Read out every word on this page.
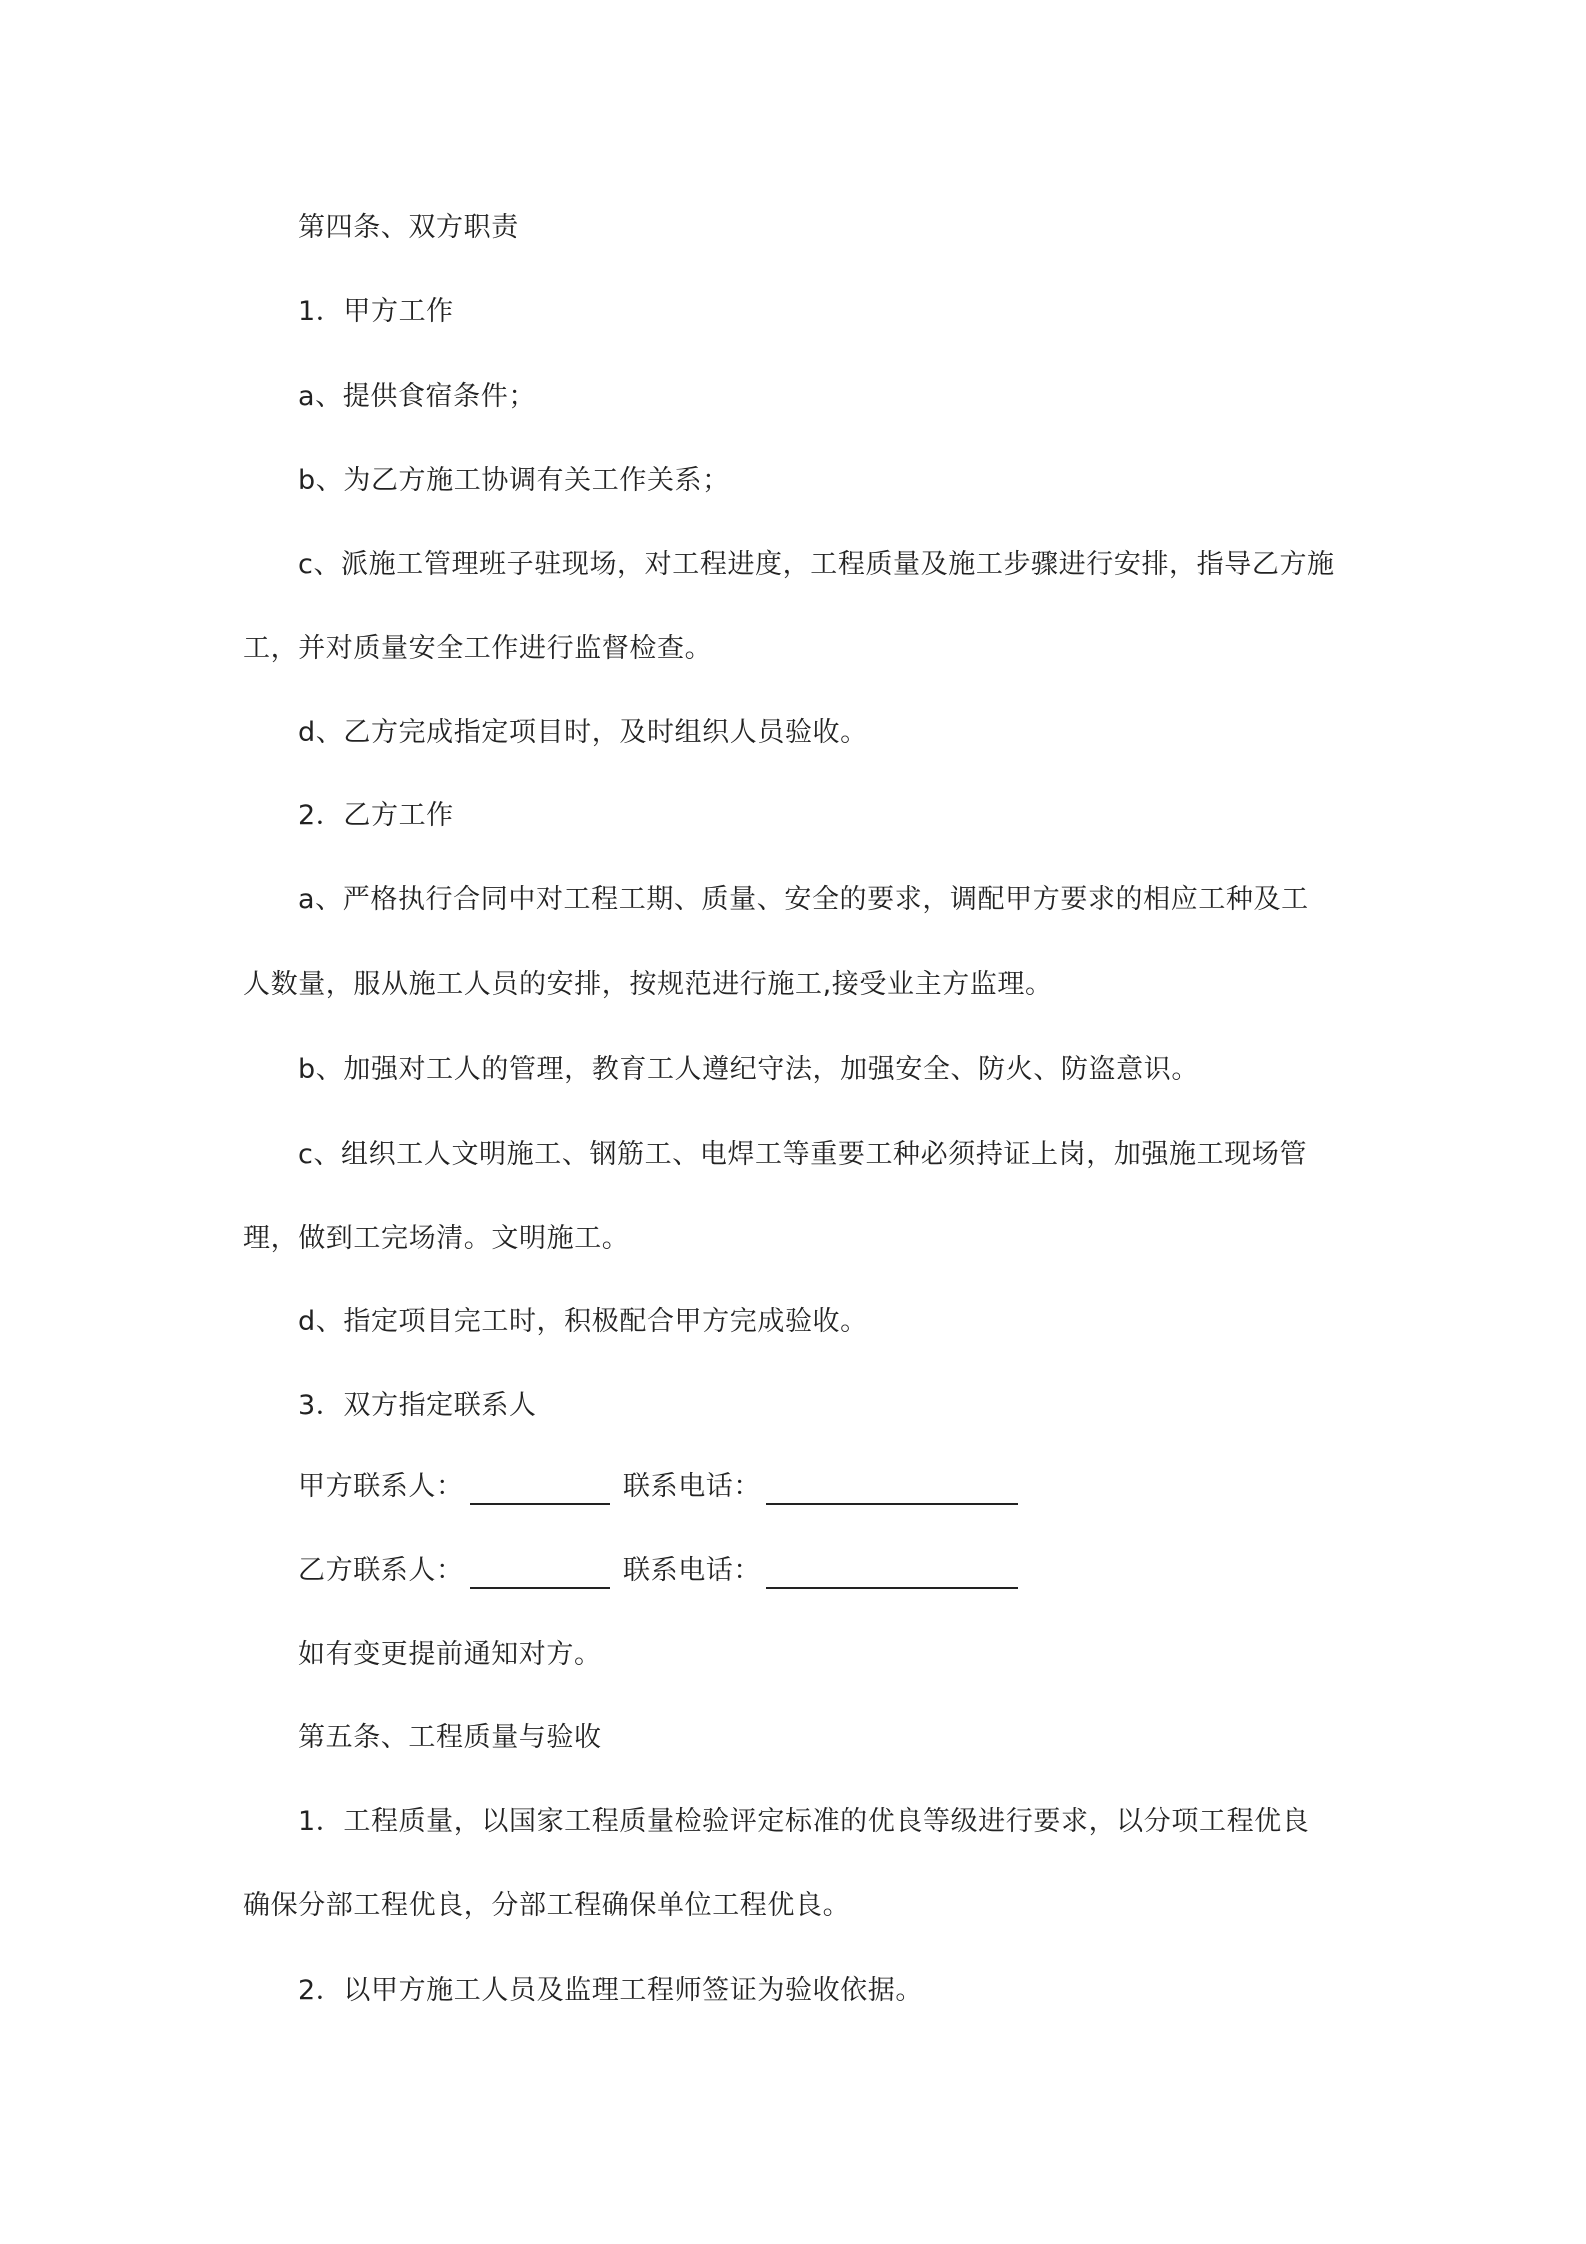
第四条、双方职责
1．甲方工作
a、提供食宿条件；
b、为乙方施工协调有关工作关系；
c、派施工管理班子驻现场，对工程进度，工程质量及施工步骤进行安排，指导乙方施
工，并对质量安全工作进行监督检查。
d、乙方完成指定项目时，及时组织人员验收。
2．乙方工作
a、严格执行合同中对工程工期、质量、安全的要求，调配甲方要求的相应工种及工
人数量，服从施工人员的安排，按规范进行施工,接受业主方监理。
b、加强对工人的管理，教育工人遵纪守法，加强安全、防火、防盗意识。
c、组织工人文明施工、钢筋工、电焊工等重要工种必须持证上岗，加强施工现场管
理，做到工完场清。文明施工。
d、指定项目完工时，积极配合甲方完成验收。
3．双方指定联系人
甲方联系人：	联系电话：
乙方联系人：	联系电话：
如有变更提前通知对方。
第五条、工程质量与验收
1．工程质量，以国家工程质量检验评定标准的优良等级进行要求，以分项工程优良
确保分部工程优良，分部工程确保单位工程优良。
2．以甲方施工人员及监理工程师签证为验收依据。
